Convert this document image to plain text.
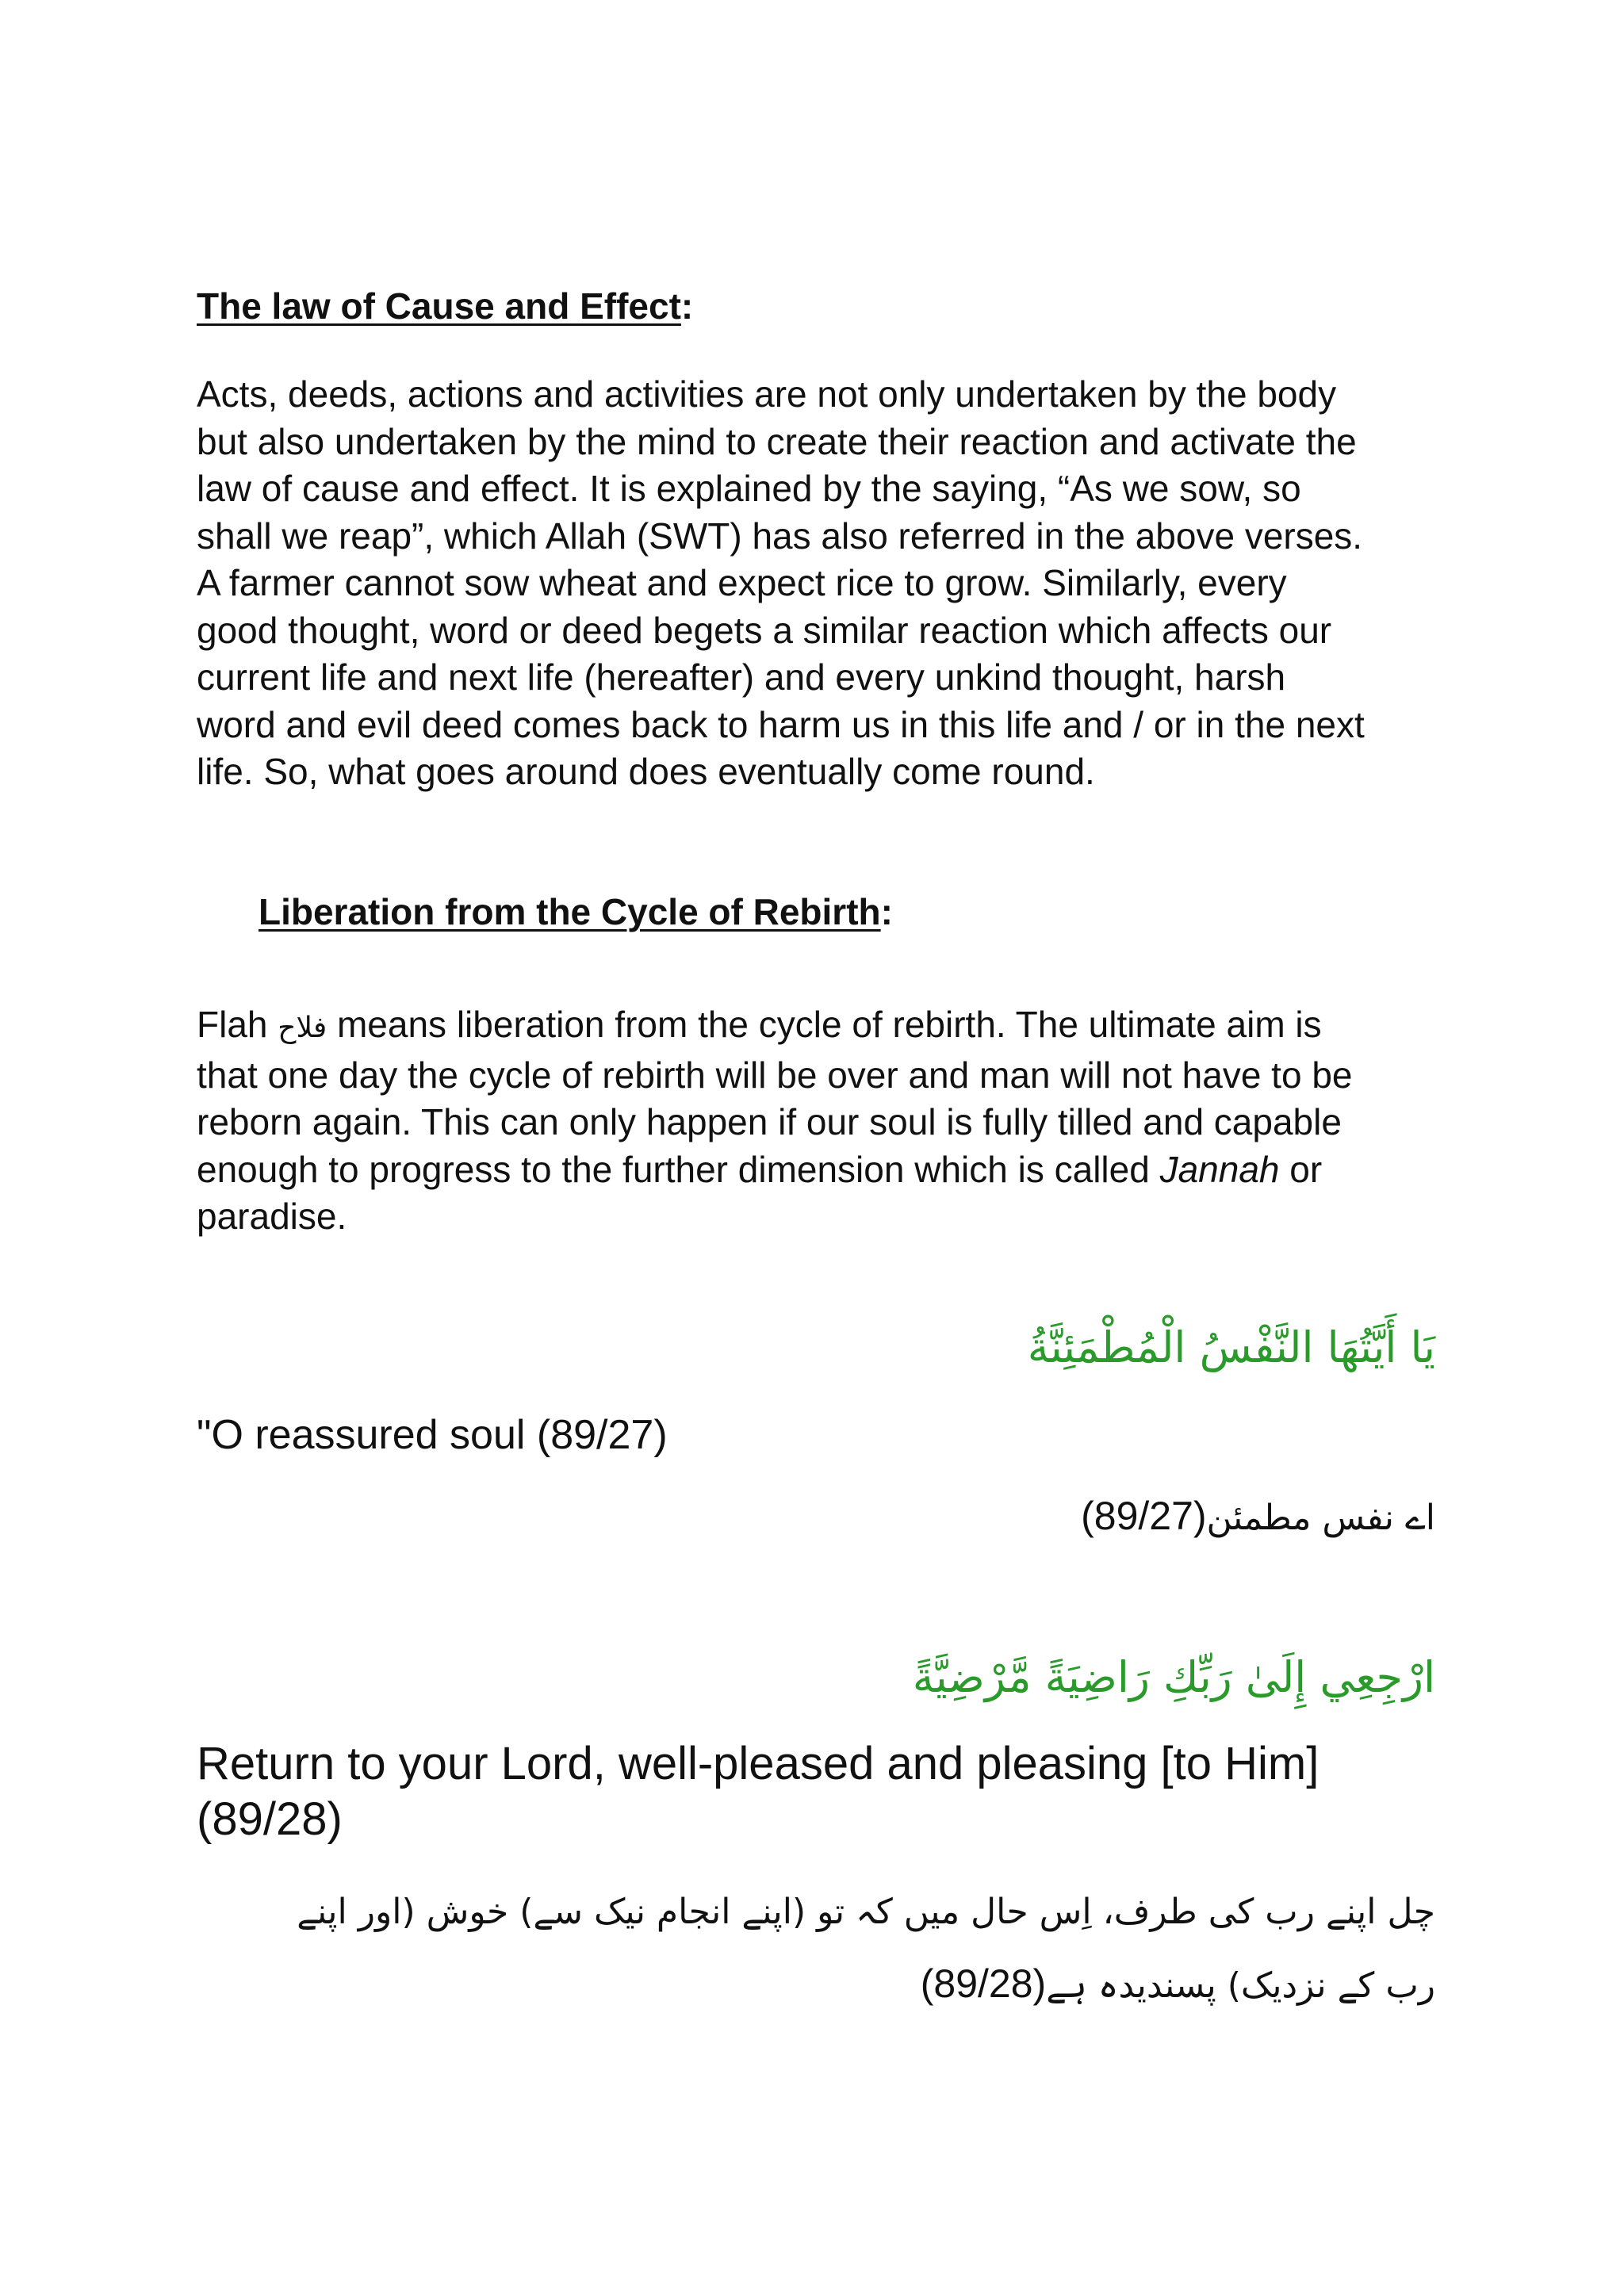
The law of Cause and Effect:

Acts, deeds, actions and activities are not only undertaken by the body

but also undertaken by the mind to create their reaction and activate the

law of cause and effect. It is explained by the saying, “As we sow, so

shall we reap”, which Allah (SWT) has also referred in the above verses.

A farmer cannot sow wheat and expect rice to grow. Similarly, every

good thought, word or deed begets a similar reaction which affects our

current life and next life (hereafter) and every unkind thought, harsh

word and evil deed comes back to harm us in this life and / or in the next

life. So, what goes around does eventually come round.

Liberation from the Cycle of Rebirth:

Flah فلاح means liberation from the cycle of rebirth. The ultimate aim is

that one day the cycle of rebirth will be over and man will not have to be

reborn again. This can only happen if our soul is fully tilled and capable

enough to progress to the further dimension which is called Jannah or

paradise.

يَا أَيَّتُهَا النَّفْسُ الْمُطْمَئِنَّةُ

"O reassured soul (89/27)

اے نفس مطمئن(89/27)

ارْجِعِي إِلَىٰ رَبِّكِ رَاضِيَةً مَّرْضِيَّةً

Return to your Lord, well-pleased and pleasing [to Him]
(89/28)

چل اپنے رب کی طرف، اِس حال میں کہ تو (اپنے انجام نیک سے) خوش (اور اپنے

رب کے نزدیک) پسندیدہ ہے(89/28)
